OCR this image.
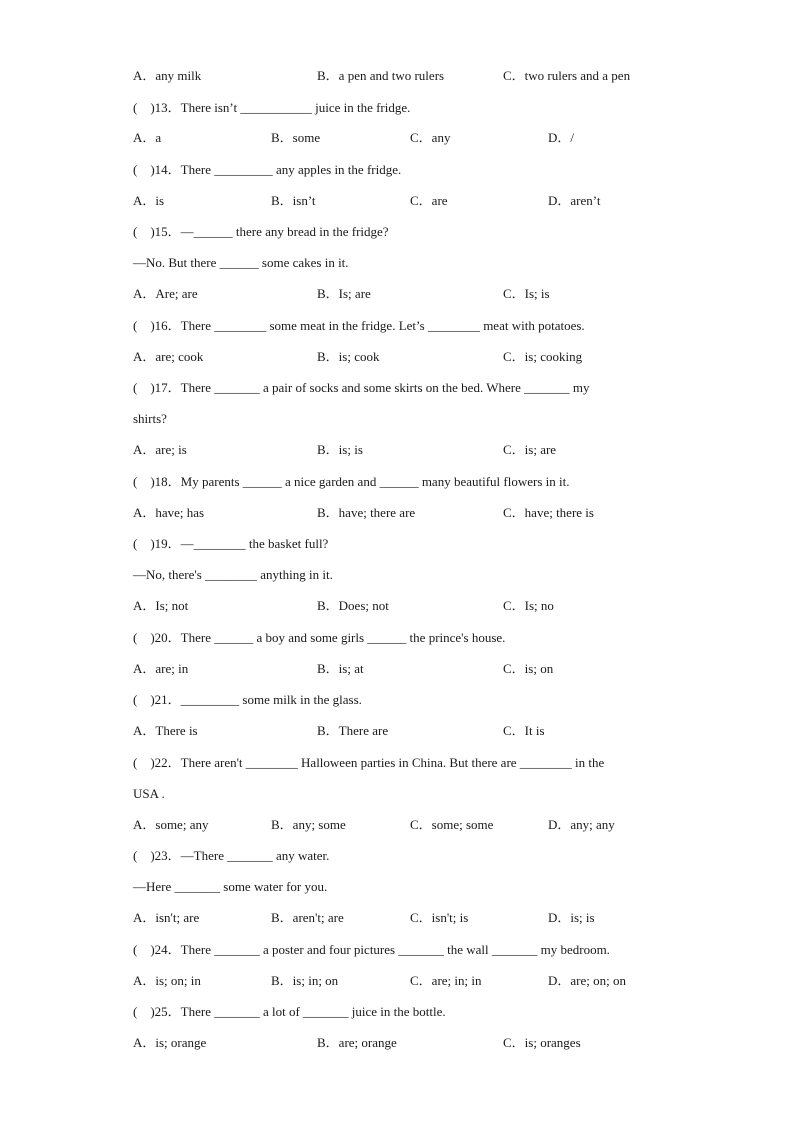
A．any milk	B．a pen and two rulers	C．two rulers and a pen
(　)13．There isn’t ___________ juice in the fridge.
A．a	B．some	C．any	D．/
(　)14．There _________ any apples in the fridge.
A．is	B．isn’t	C．are	D．aren’t
(　)15．—______ there any bread in the fridge?
—No. But there ______ some cakes in it.
A．Are; are	B．Is; are	C．Is; is
(　)16．There ________ some meat in the fridge. Let’s ________ meat with potatoes.
A．are; cook	B．is; cook	C．is; cooking
(　)17．There _______ a pair of socks and some skirts on the bed. Where _______ my
shirts?
A．are; is	B．is; is	C．is; are
(　)18．My parents ______ a nice garden and ______ many beautiful flowers in it.
A．have; has	B．have; there are	C．have; there is
(　)19．—________ the basket full?
—No, there's ________ anything in it.
A．Is; not	B．Does; not	C．Is; no
(　)20．There ______ a boy and some girls ______ the prince's house.
A．are; in	B．is; at	C．is; on
(　)21．_________ some milk in the glass.
A．There is	B．There are	C．It is
(　)22．There aren't ________ Halloween parties in China. But there are ________ in the
USA .
A．some; any	B．any; some	C．some; some	D．any; any
(　)23．—There _______ any water.
—Here _______ some water for you.
A．isn't; are	B．aren't; are	C．isn't; is	D．is; is
(　)24．There _______ a poster and four pictures _______ the wall _______ my bedroom.
A．is; on; in	B．is; in; on	C．are; in; in	D．are; on; on
(　)25．There _______ a lot of _______ juice in the bottle.
A．is; orange	B．are; orange	C．is; oranges
